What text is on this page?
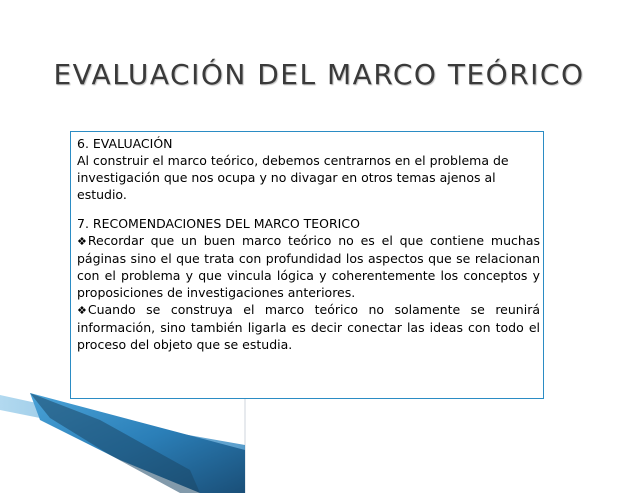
EVALUACIÓN DEL MARCO TEÓRICO

6. EVALUACIÓN

Al construir el marco teórico, debemos centrarnos en el problema de investigación que nos ocupa y no divagar en otros temas ajenos al estudio.

7. RECOMENDACIONES DEL MARCO TEORICO

❖Recordar que un buen marco teórico no es el que contiene muchas páginas sino el que trata con profundidad los aspectos que se relacionan con el problema y que vincula lógica y coherentemente los conceptos y proposiciones de investigaciones anteriores.

❖Cuando se construya el marco teórico no solamente se reunirá información, sino también ligarla es decir conectar las ideas con todo el proceso del objeto que se estudia.
